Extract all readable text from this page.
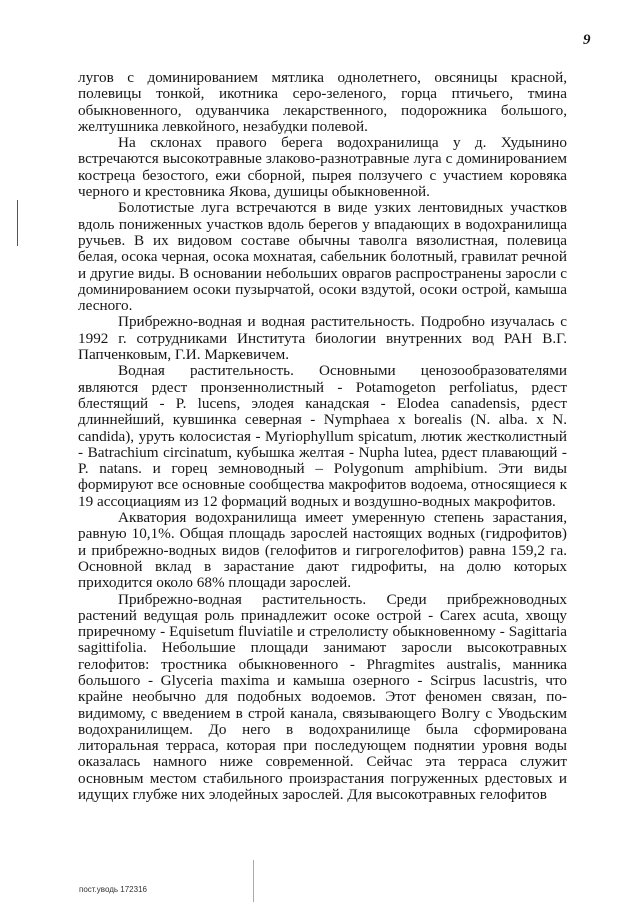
9

лугов с доминированием мятлика однолетнего, овсяницы красной, полевицы тонкой, икотника серо-зеленого, горца птичьего, тмина обыкновенного, одуванчика лекарственного, подорожника большого, желтушника левкойного, незабудки полевой.

На склонах правого берега водохранилища у д. Худынино встречаются высокотравные злаково-разнотравные луга с доминированием костреца безостого, ежи сборной, пырея ползучего с участием коровяка черного и крестовника Якова, душицы обыкновенной.

Болотистые луга встречаются в виде узких лентовидных участков вдоль пониженных участков вдоль берегов у впадающих в водохранилища ручьев. В их видовом составе обычны таволга вязолистная, полевица белая, осока черная, осока мохнатая, сабельник болотный, гравилат речной и другие виды. В основании небольших оврагов распространены заросли с доминированием осоки пузырчатой, осоки вздутой, осоки острой, камыша лесного.

Прибрежно-водная и водная растительность. Подробно изучалась с 1992 г. сотрудниками Института биологии внутренних вод РАН В.Г. Папченковым, Г.И. Маркевичем.

Водная растительность. Основными ценозообразователями являются рдест пронзеннолистный - Potamogeton perfoliatus, рдест блестящий - P. lucens, элодея канадская - Elodea canadensis, рдест длиннейший, кувшинка северная - Nymphaea x borealis (N. alba. x N. candida), уруть колосистая - Myriophyllum spicatum, лютик жестколистный - Batrachium circinatum, кубышка желтая - Nupha lutea, рдест плавающий - P. natans. и горец земноводный – Polygonum amphibium. Эти виды формируют все основные сообщества макрофитов водоема, относящиеся к 19 ассоциациям из 12 формаций водных и воздушно-водных макрофитов.

Акватория водохранилища имеет умеренную степень зарастания, равную 10,1%. Общая площадь зарослей настоящих водных (гидрофитов) и прибрежно-водных видов (гелофитов и гигрогелофитов) равна 159,2 га. Основной вклад в зарастание дают гидрофиты, на долю которых приходится около 68% площади зарослей.

Прибрежно-водная растительность. Среди прибрежноводных растений ведущая роль принадлежит осоке острой - Carex acuta, хвощу приречному - Equisetum fluviatile и стрелолисту обыкновенному - Sagittaria sagittifolia. Небольшие площади занимают заросли высокотравных гелофитов: тростника обыкновенного - Phragmites australis, манника большого - Glyceria maxima и камыша озерного - Scirpus lacustris, что крайне необычно для подобных водоемов. Этот феномен связан, по-видимому, с введением в строй канала, связывающего Волгу с Уводьским водохранилищем. До него в водохранилище была сформирована литоральная терраса, которая при последующем поднятии уровня воды оказалась намного ниже современной. Сейчас эта терраса служит основным местом стабильного произрастания погруженных рдестовых и идущих глубже них элодейных зарослей. Для высокотравных гелофитов

пост.уводь 172316
